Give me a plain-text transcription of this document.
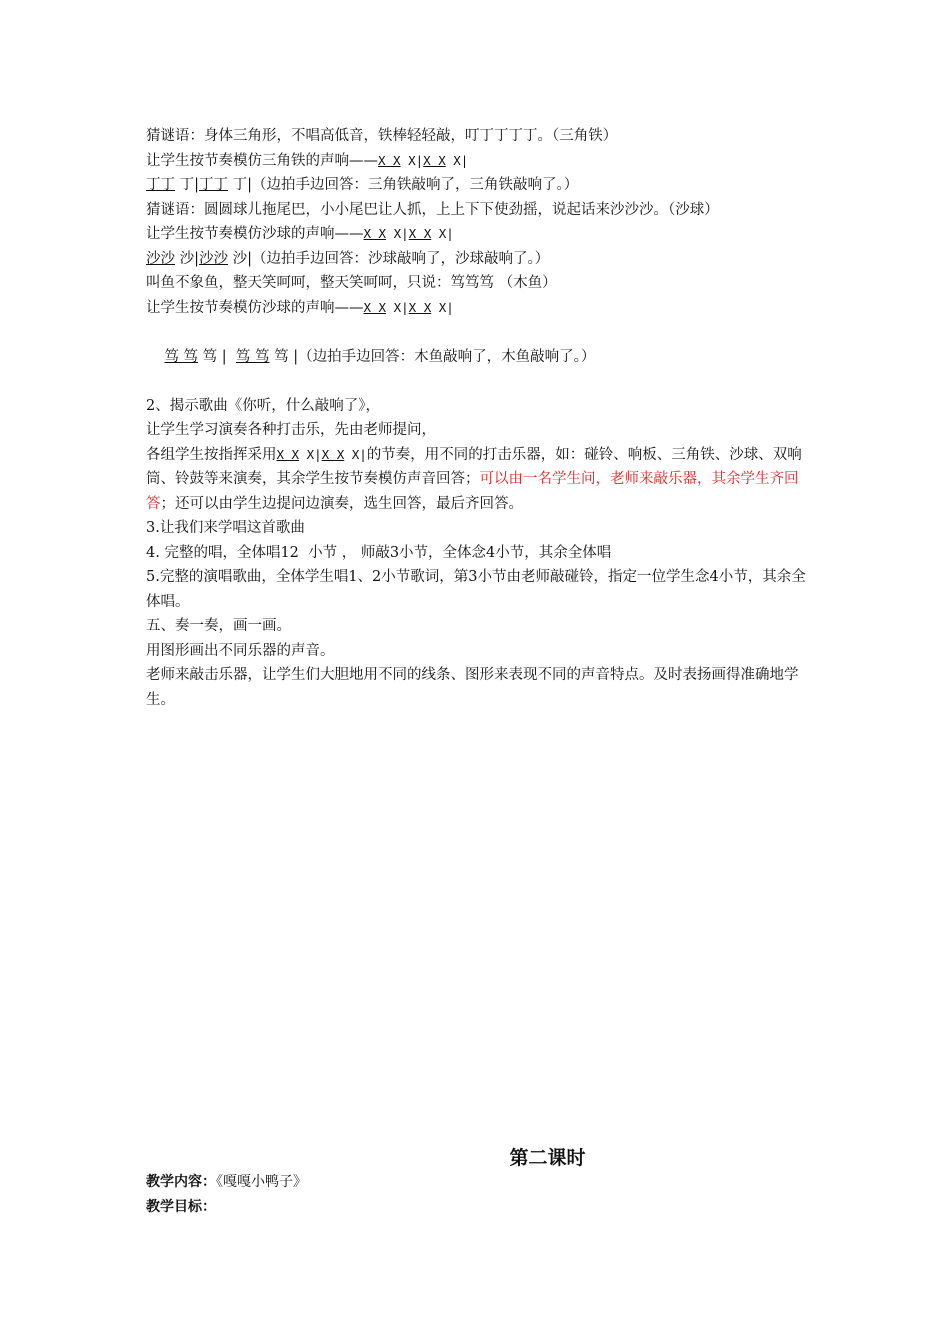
猜谜语：身体三角形，不唱高低音，铁棒轻轻敲，叮丁丁丁丁。（三角铁）
让学生按节奏模仿三角铁的声响——X X X|X X X|
丁丁 丁|丁丁 丁|（边拍手边回答：三角铁敲响了，三角铁敲响了。）
猜谜语：圆圆球儿拖尾巴，小小尾巴让人抓，上上下下使劲摇，说起话来沙沙沙。（沙球）
让学生按节奏模仿沙球的声响——X X X|X X X|
沙沙 沙|沙沙 沙|（边拍手边回答：沙球敲响了，沙球敲响了。）
叫鱼不象鱼，整天笑呵呵，整天笑呵呵，只说：笃笃笃 （木鱼）
让学生按节奏模仿沙球的声响——X X X|X X X|

笃 笃 笃 |  笃 笃 笃 |（边拍手边回答：木鱼敲响了，木鱼敲响了。）

2、揭示歌曲《你听，什么敲响了》，
让学生学习演奏各种打击乐，先由老师提问，
各组学生按指挥采用X X X|X X X|的节奏，用不同的打击乐器，如：碰铃、响板、三角铁、沙球、双响筒、铃鼓等来演奏，其余学生按节奏模仿声音回答；可以由一名学生问，老师来敲乐器，其余学生齐回答；还可以由学生边提问边演奏，选生回答，最后齐回答。
3.让我们来学唱这首歌曲
4. 完整的唱，全体唱12  小节 ， 师敲3小节，全体念4小节，其余全体唱
5.完整的演唱歌曲，全体学生唱1、2小节歌词，第3小节由老师敲碰铃，指定一位学生念4小节，其余全体唱。
五、奏一奏，画一画。
用图形画出不同乐器的声音。
老师来敲击乐器，让学生们大胆地用不同的线条、图形来表现不同的声音特点。及时表扬画得准确地学生。
第二课时
教学内容：《嘎嘎小鸭子》
教学目标：
